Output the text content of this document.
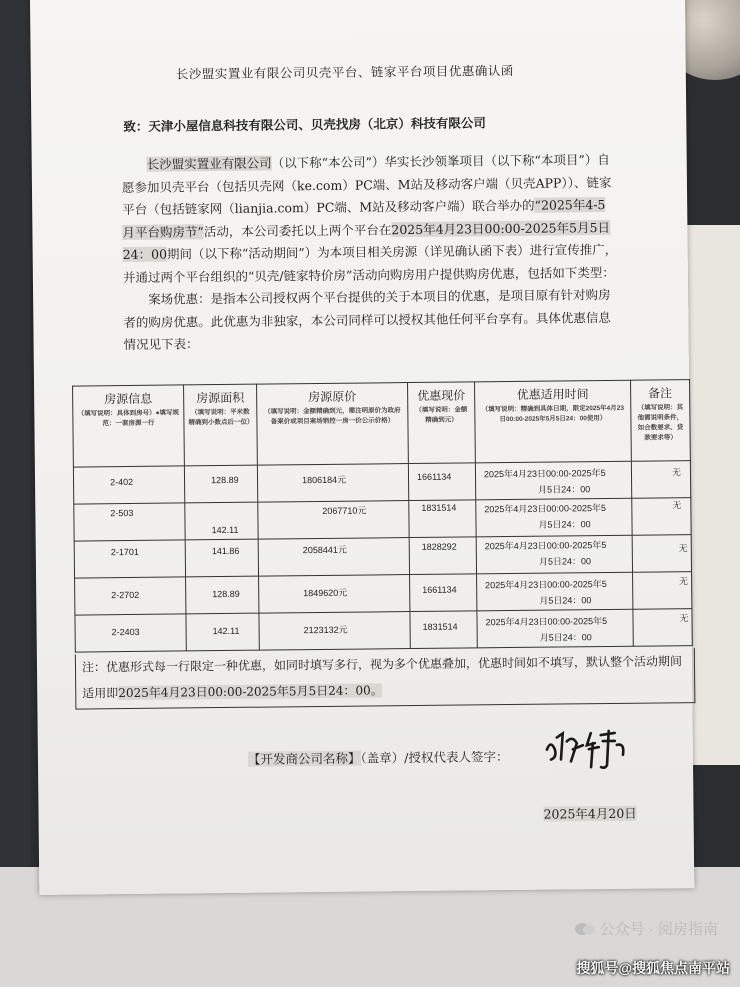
长沙盟实置业有限公司贝壳平台、链家平台项目优惠确认函
致：天津小屋信息科技有限公司、贝壳找房（北京）科技有限公司

长沙盟实置业有限公司（以下称“本公司”）华实长沙领峯项目（以下称“本项目”）自愿参加贝壳平台（包括贝壳网（ke.com）PC端、M站及移动客户端（贝壳APP））、链家平台（包括链家网（lianjia.com）PC端、M站及移动客户端）联合举办的“2025年4-5月平台购房节”活动，本公司委托以上两个平台在2025年4月23日00:00-2025年5月5日24：00期间（以下称“活动期间”）为本项目相关房源（详见确认函下表）进行宣传推广，并通过两个平台组织的“贝壳/链家特价房”活动向购房用户提供购房优惠，包括如下类型：

案场优惠：是指本公司授权两个平台提供的关于本项目的优惠，是项目原有针对购房者的购房优惠。此优惠为非独家，本公司同样可以授权其他任何平台享有。具体优惠信息情况见下表：

房源信息
（填写说明：具体到房号）●填写规范：一套房源一行	房源面积
（填写说明：平米数精确到小数点后一位）	房源原价
（填写说明：金额精确到元，需注明原价为政府备案价或项目案场销控一房一价公示价格）	优惠现价
（填写说明：金额精确到元）	优惠适用时间
（填写说明：精确到具体日期，限定2025年4月23日00:00-2025年5月5日24：00使用）	备注
（填写说明：其他需说明条件，如合数要求、贷款要求等）

2-402	128.89	1806184元	1661134	2025年4月23日00:00-2025年5
月5日24：00	无

2-503	142.11	2067710元	1831514	2025年4月23日00:00-2025年5
月5日24：00	无

2-1701	141.86	2058441元	1828292	2025年4月23日00:00-2025年5
月5日24：00	无

2-2702	128.89	1849620元	1661134	2025年4月23日00:00-2025年5
月5日24：00	无

2-2403	142.11	2123132元	1831514	2025年4月23日00:00-2025年5
月5日24：00	无
注：优惠形式每一行限定一种优惠，如同时填写多行，视为多个优惠叠加，优惠时间如不填写，默认整个活动期间适用即2025年4月23日00:00-2025年5月5日24：00。
【开发商公司名称】（盖章）/授权代表人签字：
2025年4月20日
公众号 · 阅房指南
搜狐号@搜狐焦点南平站
